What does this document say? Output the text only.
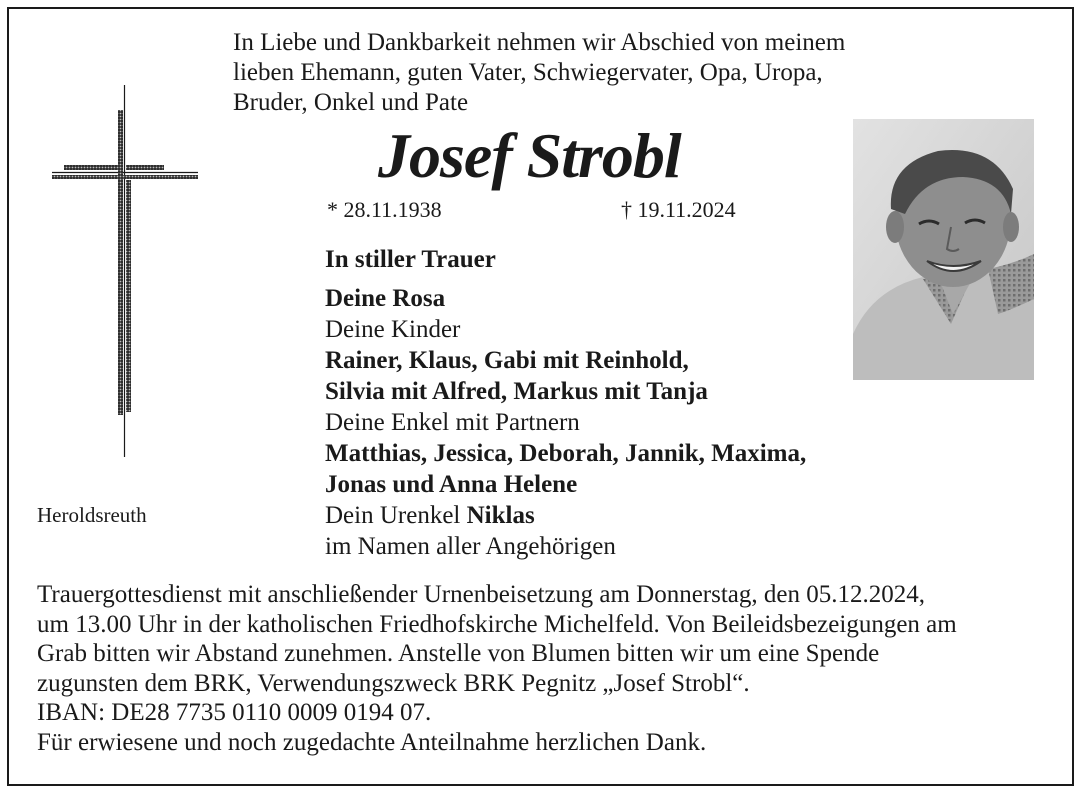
In Liebe und Dankbarkeit nehmen wir Abschied von meinem
lieben Ehemann, guten Vater, Schwiegervater, Opa, Uropa,
Bruder, Onkel und Pate
Josef Strobl
* 28.11.1938	† 19.11.2024
Heroldsreuth
In stiller Trauer
Deine Rosa
Deine Kinder
Rainer, Klaus, Gabi mit Reinhold,
Silvia mit Alfred, Markus mit Tanja
Deine Enkel mit Partnern
Matthias, Jessica, Deborah, Jannik, Maxima,
Jonas und Anna Helene
Dein Urenkel Niklas
im Namen aller Angehörigen
Trauergottesdienst mit anschließender Urnenbeisetzung am Donnerstag, den 05.12.2024,
um 13.00 Uhr in der katholischen Friedhofskirche Michelfeld. Von Beileidsbezeigungen am
Grab bitten wir Abstand zunehmen. Anstelle von Blumen bitten wir um eine Spende
zugunsten dem BRK, Verwendungszweck BRK Pegnitz „Josef Strobl“.
IBAN: DE28 7735 0110 0009 0194 07.
Für erwiesene und noch zugedachte Anteilnahme herzlichen Dank.
